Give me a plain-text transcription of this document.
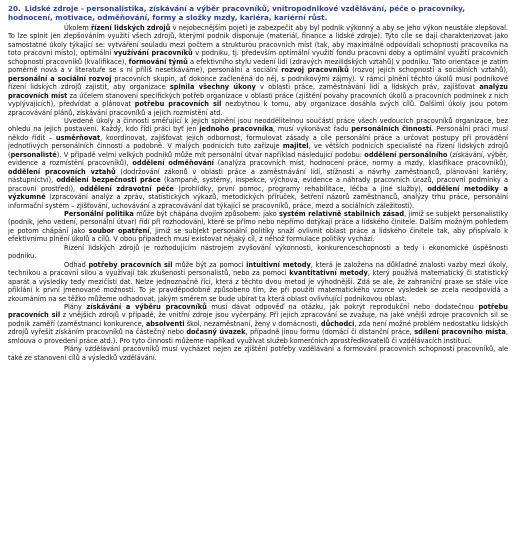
20. Lidské zdroje - personalistika, získávání a výběr pracovníků, vnitropodnikové vzdělávání, péče o pracovníky, hodnocení, motivace, odměňování, formy a složky mzdy, kariéra, kariérní růst.

Úkolem řízení lidských zdrojů v nejobecnějším pojetí je zabezpečit aby byl podnik výkonný a aby se jeho výkon neustále zlepšoval. To lze splnit jen zlepšováním využití všech zdrojů, kterými podnik disponuje (materiál, finance a lidské zdroje). Tyto cíle se dají charakterizovat jako samostatné úkoly týkající se: vytváření souladu mezi počtem a strukturou pracovních míst (tak, aby maximálně odpovídali schopnosti pracovníka na toto pracovní místo), optimální využívání pracovníků v podniku, tj. především optimální využití fondu pracovní doby a optimální využití pracovních schopností pracovníků (kvalifikace), formování týmů a efektivního stylu vedení lidí (zdravých mezilidských vztahů) v podniku. Tato orientace je zatím poměrně nová a v literatuře se s ní příliš nesetkáváme), personální a sociální rozvoj pracovníků (rozvoj jejich schopností a sociálních vztahů), personální a sociální rozvoj pracovních skupin, ať dokonce začleněná do něj, s podnikovými zájmy). V rámci plnění těchto úkolů musí podnikové řízení lidských zdrojů zajistit, aby organizace splnila všechny úkony v oblasti práce, zaměstnávání lidí a lidských práv, zajišťovat analýzu pracovních míst za účelem stanovení specifických potřeb organizace v oblasti práce (zjištění povahy pracovních úkolů a pracovních podmínek z nich vyplývajících), předvídat a plánovat potřebu pracovních sil nezbytnou k tomu, aby organizace dosáhla svých cílů. Dalšími úkoly jsou potom zpracovávání plánů, získávání pracovníků a jejich rozmístění atd.

Uvedené úkoly a činnosti směřující k jejich splnění jsou neoddělitelnou součástí práce všech vedoucích pracovníků organizace, bez ohledu na jejich postavení. Každý, kdo řídí práci byť jen jednoho pracovníka, musí vykonávat řadu personálních činností. Personální práci musí někdo řídit – usměrňovat, koordinovat, zajišťovat jejich odbornost, formulovat zásady a cíle personální práce a určovat postupy při provádění jednotlivých personálních činností a podobně. V malých podnicích tuto zařizuje majitel, ve větších podnicích specialisté na řízení lidských zdrojů (personalisté). V případě velmi velkých podniků může mít personální útvar například následující podobu: oddělení personálního (získávání, výběr, evidence a rozmístění pracovníků), oddělení odměňování (analýza pracovních míst, hodnocení práce, normy a mzdy, klasifikace pracovníků), oddělení pracovních vztahů (dodržování zákonů v oblasti práce a zaměstnávání lidí, stížnosti a návrhy zaměstnanců, plánování kariéry, nástupnictví), oddělení bezpečnosti práce (kampaně, systémy, inspekce, výchova, evidence a náhrady pracovních úrazů, pracovní podmínky a pracovní prostředí), oddělení zdravotní péče (prohlídky, první pomoc, programy rehabilitace, léčba a jiné služby), oddělení metodiky a výzkumné (zpracování analýz a zpráv, statistických výkazů, metodických příruček, šetření názorů zaměstnanců, analýzy trhu práce, personální informační systém – zjišťování, uchovávání a zpracovávání dat týkající se pracovníků, práce, mezd a sociálních záležitostí).

Personální politika může být chápána dvojím způsobem: jako systém relativně stabilních zásad, jimiž se subjekt personalistiky (podnik, jeho vedení, personální útvar) řídí při rozhodování, které se přímo nebo nepřímo dotýkají práce a lidského činitele. Dalším možným pohledem je potom chápání jako soubor opatření, jimiž se subjekt personální politiky snaží ovlivnit oblast práce a lidského činitele tak, aby přispívalo k efektivnímu plnění úkolů a cílů. V obou případech musí existovat nějaký cíl, z něhož formulace politiky vychází.

Řízení lidských zdrojů je rozhodujícím nástrojem zvyšování výkonnosti, konkurenceschopnosti a tedy i ekonomické úspěšnosti podniku.

Odhad potřeby pracovních sil může být za pomoci intuitivní metody, která je založena na důkladné znalosti vazby mezi úkoly, technikou a pracovní silou a využívají tak zkušenosti personalistů, nebo za pomoci kvantitativní metody, který používá matematický či statistický aparát a výsledky tedy mezičísti dat. Nelze jednoznačně říci, která z těchto dvou metod je výhodnější. Zdá se ale, že zahraniční praxe se stále více přiklání k první jmenované možnosti. To je pravděpodobně způsobeno tím, že při použití matematického vzorce výsledek se zcela neodpovídá a zkoumáním na se těžko můžeme odhadovat, jakým směrem se bude ubírat ta která oblast ovlivňující podnikovou oblast.

Plány získávání a výběru pracovníků musí dávat odpověď na otázku, jak pokrýt reprodukční nebo dodatečnou potřebu pracovních sil z vnějších zdrojů v případě, že vnitřní zdroje jsou vyčerpány. Při jejich zpracování se zvažuje, na jaké vnější zdroje pracovních sil se podnik zaměří (zaměstnanci konkurence, absolventi škol, nezaměstnaní, ženy v domácnosti, důchodci, zda není možné problém nedostatku lidských zdrojů vyřešit získáním pracovníků na částečný nebo dočasný úvazek, případně jinou formu (domácí či distanční práce, sdílení pracovního místa, smlouva o provedení práce atd.). Pro tyto činnosti můžeme napříkad využívat služeb komerčních zprostředkovatelů či vzdělávacích institucí.

Plány vzdělávání pracovníků musí vycházet nejen ze zjištění potřeby vzdělávání a formování pracovních schopností pracovníků, ale také ze stanovení cílů a výsledků vzdělávání.
